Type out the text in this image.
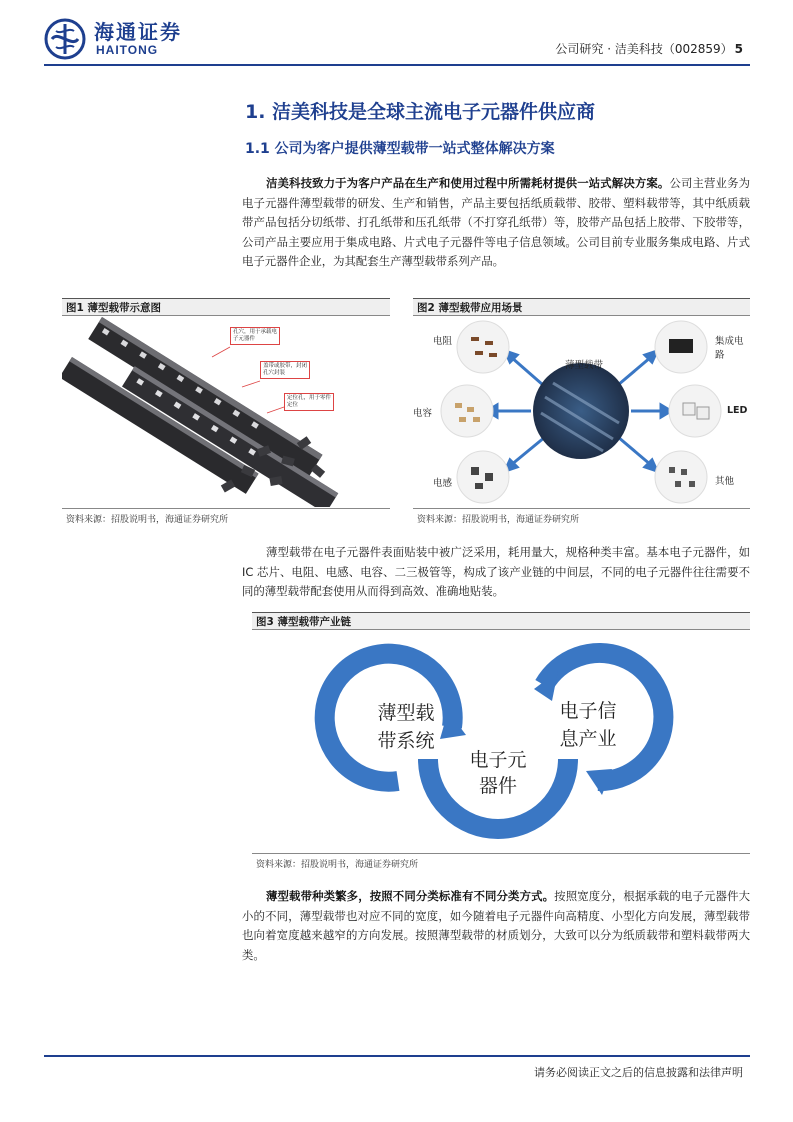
海通证券
HAITONG	公司研究 · 洁美科技（002859） 5
1. 洁美科技是全球主流电子元器件供应商
1.1 公司为客户提供薄型载带一站式整体解决方案
洁美科技致力于为客户产品在生产和使用过程中所需耗材提供一站式解决方案。公司主营业务为电子元器件薄型载带的研发、生产和销售，产品主要包括纸质载带、胶带、塑料载带等，其中纸质载带产品包括分切纸带、打孔纸带和压孔纸带（不打穿孔纸带）等，胶带产品包括上胶带、下胶带等，公司产品主要应用于集成电路、片式电子元器件等电子信息领域。公司目前专业服务集成电路、片式电子元器件企业，为其配套生产薄型载带系列产品。
图1 薄型载带示意图
孔穴，用于承载电子元器件
盖带或胶带，封闭孔穴封装
定位孔，用于零件定位
资料来源：招股说明书，海通证券研究所
图2 薄型载带应用场景
薄型载带
电阻	集成电路
电容	LED
电感	其他
资料来源：招股说明书，海通证券研究所
薄型载带在电子元器件表面贴装中被广泛采用，耗用量大，规格种类丰富。基本电子元器件，如IC 芯片、电阻、电感、电容、二三极管等，构成了该产业链的中间层，不同的电子元器件往往需要不同的薄型载带配套使用从而得到高效、准确地贴装。
图3 薄型载带产业链
薄型载
带系统
电子元
器件
电子信
息产业
资料来源：招股说明书，海通证券研究所
薄型载带种类繁多，按照不同分类标准有不同分类方式。按照宽度分，根据承载的电子元器件大小的不同，薄型载带也对应不同的宽度，如今随着电子元器件向高精度、小型化方向发展，薄型载带也向着宽度越来越窄的方向发展。按照薄型载带的材质划分，大致可以分为纸质载带和塑料载带两大类。
请务必阅读正文之后的信息披露和法律声明
